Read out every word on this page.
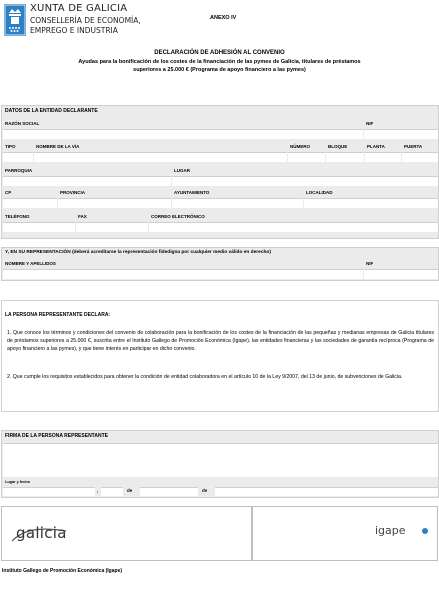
XUNTA DE GALICIA
CONSELLERÍA DE ECONOMÍA,
EMPREGO E INDUSTRIA
ANEXO IV
DECLARACIÓN DE ADHESIÓN AL CONVENIO
Ayudas para la bonificación de los costes de la financiación de las pymes de Galicia, titulares de préstamos
superiores a 25.000 € (Programa de apoyo financiero a las pymes)
DATOS DE LA ENTIDAD DECLARANTE
RAZÓN SOCIAL	NIF
TIPO	NOMBRE DE LA VÍA	NÚMERO	BLOQUE	PLANTA	PUERTA
PARROQUIA	LUGAR
CP	PROVINCIA	AYUNTAMIENTO	LOCALIDAD
TELÉFONO	FAX	CORREO ELECTRÓNICO
Y, EN SU REPRESENTACIÓN (deberá acreditarse la representación fidedigna por cualquier medio válido en derecho)
NOMBRE Y APELLIDOS	NIF
LA PERSONA REPRESENTANTE DECLARA:
1. Que conoce los términos y condiciones del convenio de colaboración para la bonificación de los costes de la financiación de las pequeñas y medianas empresas de Galicia titulares de préstamos superiores a 25.000 €, suscrita entre el Instituto Gallego de Promoción Económica (Igape), las entidades financieras y las sociedades de garantía recíproca (Programa de apoyo financiero a las pymes), y que tiene interés en participar en dicho convenio.
2. Que cumple los requisitos establecidos para obtener la condición de entidad colaboradora en el artículo 10 de la Ley 9/2007, del 13 de junio, de subvenciones de Galicia.
FIRMA DE LA PERSONA REPRESENTANTE
Lugar y fecha
,	de	de
galicia	igape
Instituto Gallego de Promoción Económica (Igape)
